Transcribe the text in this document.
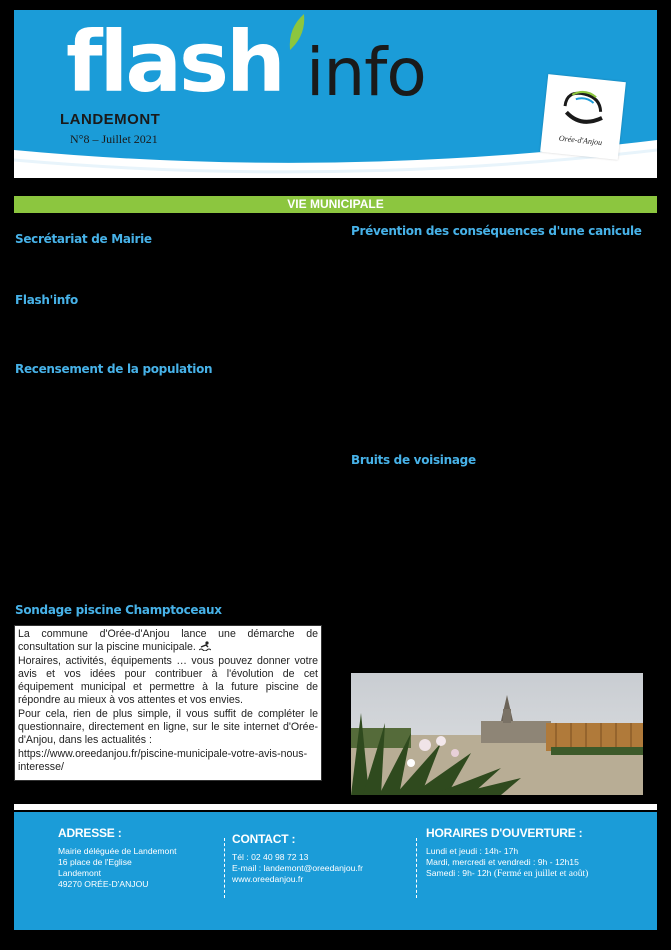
flash info
LANDEMONT
N°8 – Juillet 2021	Orée-d'Anjou
VIE MUNICIPALE
Secrétariat de Mairie
Flash'info
Recensement de la population
Sondage piscine Champtoceaux
Prévention des conséquences d'une canicule
Bruits de voisinage

La commune d'Orée-d'Anjou lance une démarche de consultation sur la piscine municipale.

Horaires, activités, équipements … vous pouvez donner votre avis et vos idées pour contribuer à l'évolution de cet équipement municipal et permettre à la future piscine de répondre au mieux à vos attentes et vos envies.

Pour cela, rien de plus simple, il vous suffit de compléter le questionnaire, directement en ligne, sur le site internet d'Orée-d'Anjou, dans les actualités :

https://www.oreedanjou.fr/piscine-municipale-votre-avis-nous-interesse/

ADRESSE :
Mairie déléguée de Landemont
16 place de l'Eglise
Landemont
49270 ORÉE-D'ANJOU
CONTACT :
Tél : 02 40 98 72 13
E-mail : landemont@oreedanjou.fr
www.oreedanjou.fr
HORAIRES D'OUVERTURE :
Lundi et jeudi : 14h- 17h
Mardi, mercredi et vendredi : 9h - 12h15
Samedi : 9h- 12h (Fermé en juillet et août)
